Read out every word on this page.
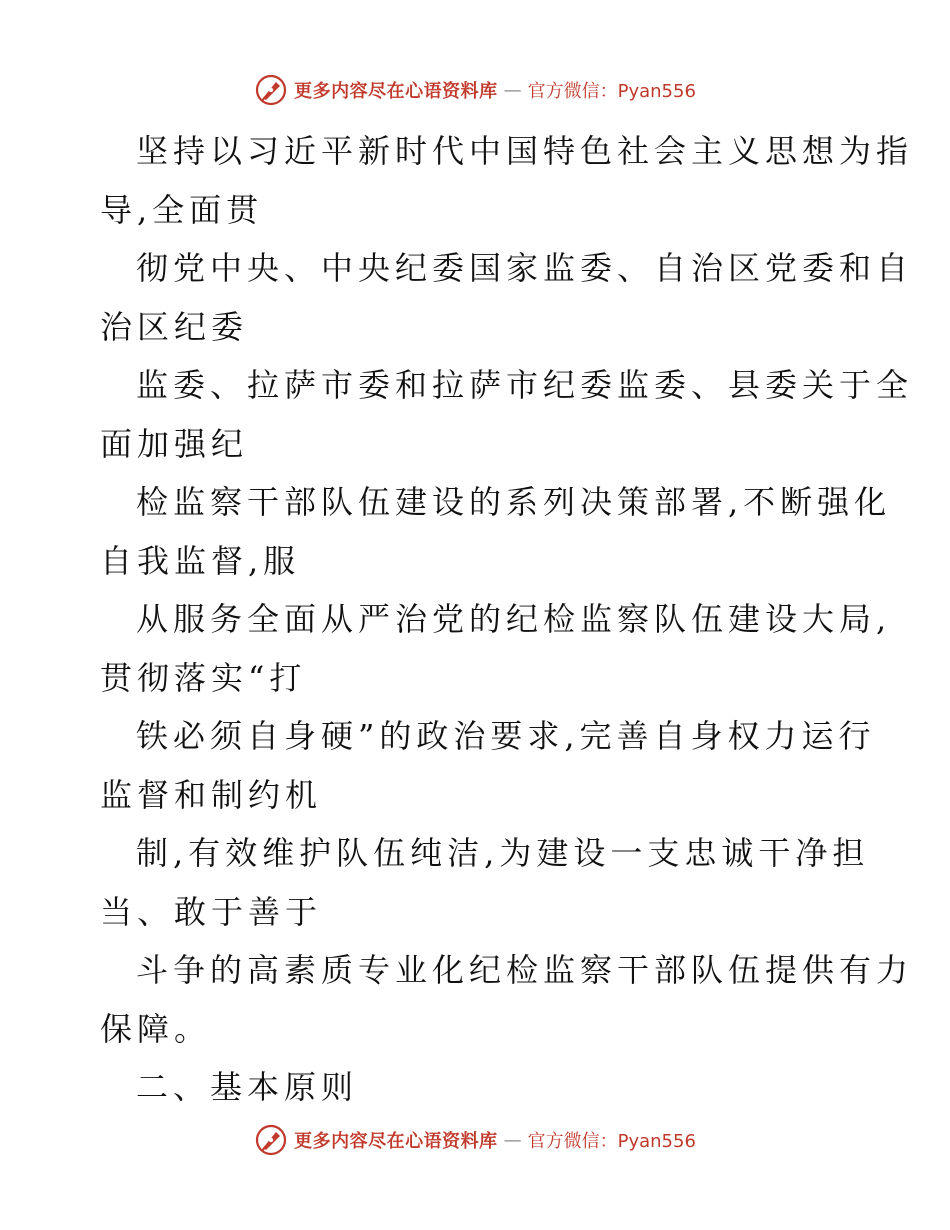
更多内容尽在心语资料库 — 官方微信：Pyan556
坚持以习近平新时代中国特色社会主义思想为指
导,全面贯
彻党中央、中央纪委国家监委、自治区党委和自
治区纪委
监委、拉萨市委和拉萨市纪委监委、县委关于全
面加强纪
检监察干部队伍建设的系列决策部署,不断强化
自我监督,服
从服务全面从严治党的纪检监察队伍建设大局,
贯彻落实“打
铁必须自身硬”的政治要求,完善自身权力运行
监督和制约机
制,有效维护队伍纯洁,为建设一支忠诚干净担
当、敢于善于
斗争的高素质专业化纪检监察干部队伍提供有力
保障。
二、基本原则
更多内容尽在心语资料库 — 官方微信：Pyan556
